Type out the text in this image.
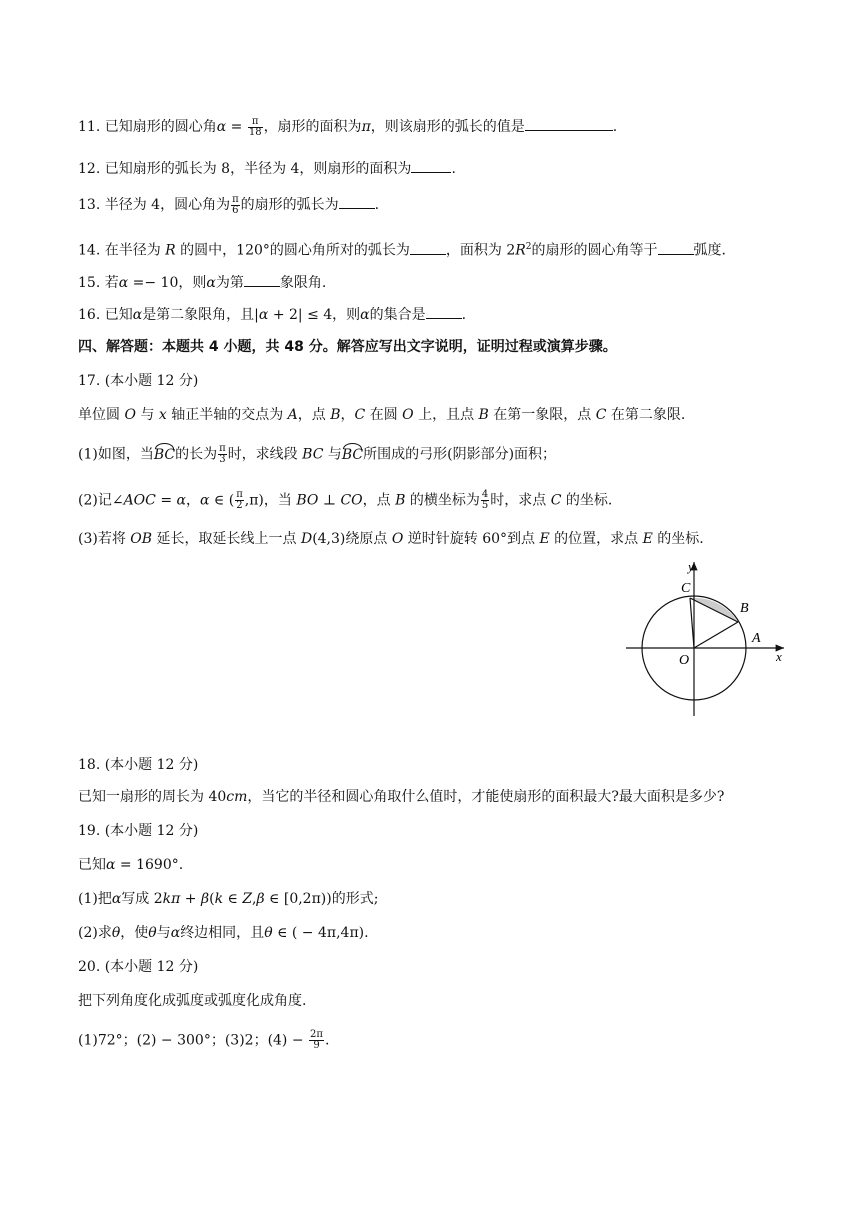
11. 已知扇形的圆心角$\alpha = \frac{\pi}{18}$ ，扇形的面积为π，则该扇形的弧长的值是	.
12. 已知扇形的弧长为 8，半径为 4，则扇形的面积为	.
13. 半径为 4，圆心角为 $\frac{\pi}{6}$ 的扇形的弧长为	.
14. 在半径为 R 的圆中，120°的圆心角所对的弧长为	，面积为 $2R^2$的扇形的圆心角等于	弧度.
15. 若α =− 10，则α为第	象限角.
16. 已知α是第二象限角，且|α + 2| ≤ 4，则α的集合是	.
四、解答题：本题共 4 小题，共 48 分。解答应写出文字说明，证明过程或演算步骤。
17. (本小题 12 分)
单位圆 O 与 x 轴正半轴的交点为 A，点 B，C 在圆 O 上，且点 B 在第一象限，点 C 在第二象限.
(1)如图，当BC的长为 $\frac{\pi}{3}$ 时，求线段 BC 与BC所围成的弓形(阴影部分)面积；
(2)记∠AOC = α，α ∈ ( $\frac{\pi}{2} ,\pi$)，当 BO ⊥ CO，点 B 的横坐标为 $\frac{4}{5}$ 时，求点 C 的坐标.
(3)若将 OB 延长，取延长线上一点 D(4,3)绕原点 O 逆时针旋转 60°到点 E 的位置，求点 E 的坐标.
y
x
C
B
A
O
18. (本小题 12 分)
已知一扇形的周长为 40cm，当它的半径和圆心角取什么值时，才能使扇形的面积最大?最大面积是多少?
19. (本小题 12 分)
已知α = 1690°.
(1)把α写成 2kπ + β(k ∈ Z,β ∈ [0,2π))的形式;
(2)求θ，使θ与α终边相同，且θ ∈ ( − 4π,4π).
20. (本小题 12 分)
把下列角度化成弧度或弧度化成角度.
(1)72°；(2) − 300°；(3)2；$(4) - \frac{2\pi}{9}$ .
